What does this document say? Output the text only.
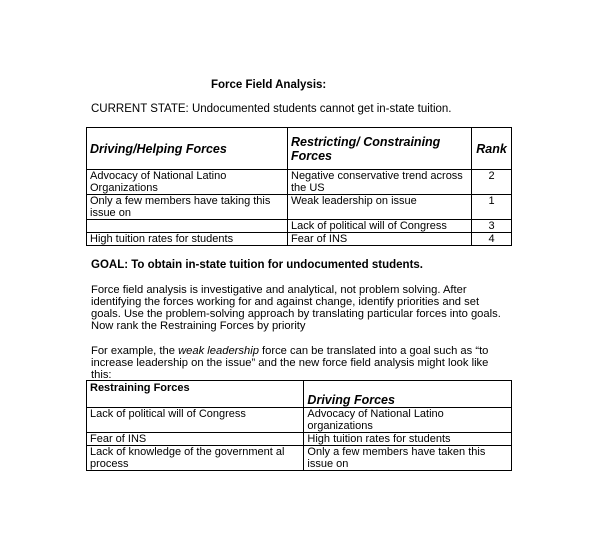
Force Field Analysis:
CURRENT STATE: Undocumented students cannot get in-state tuition.
Driving/Helping Forces	Restricting/ Constraining Forces	Rank
Advocacy of National Latino Organizations	Negative conservative trend across the US	2
Only a few members have taking this issue on	Weak leadership on issue	1
	Lack of political will of Congress	3
High tuition rates for students	Fear of INS	4
GOAL: To obtain in-state tuition for undocumented students.
Force field analysis is investigative and analytical, not problem solving. After identifying the forces working for and against change, identify priorities and set goals. Use the problem-solving approach by translating particular forces into goals. Now rank the Restraining Forces by priority
For example, the weak leadership force can be translated into a goal such as “to increase leadership on the issue” and the new force field analysis might look like this:
Restraining Forces	Driving Forces
Lack of political will of Congress	Advocacy of National Latino organizations
Fear of INS	High tuition rates for students
Lack of knowledge of the government al process	Only a few members have taken this issue on
